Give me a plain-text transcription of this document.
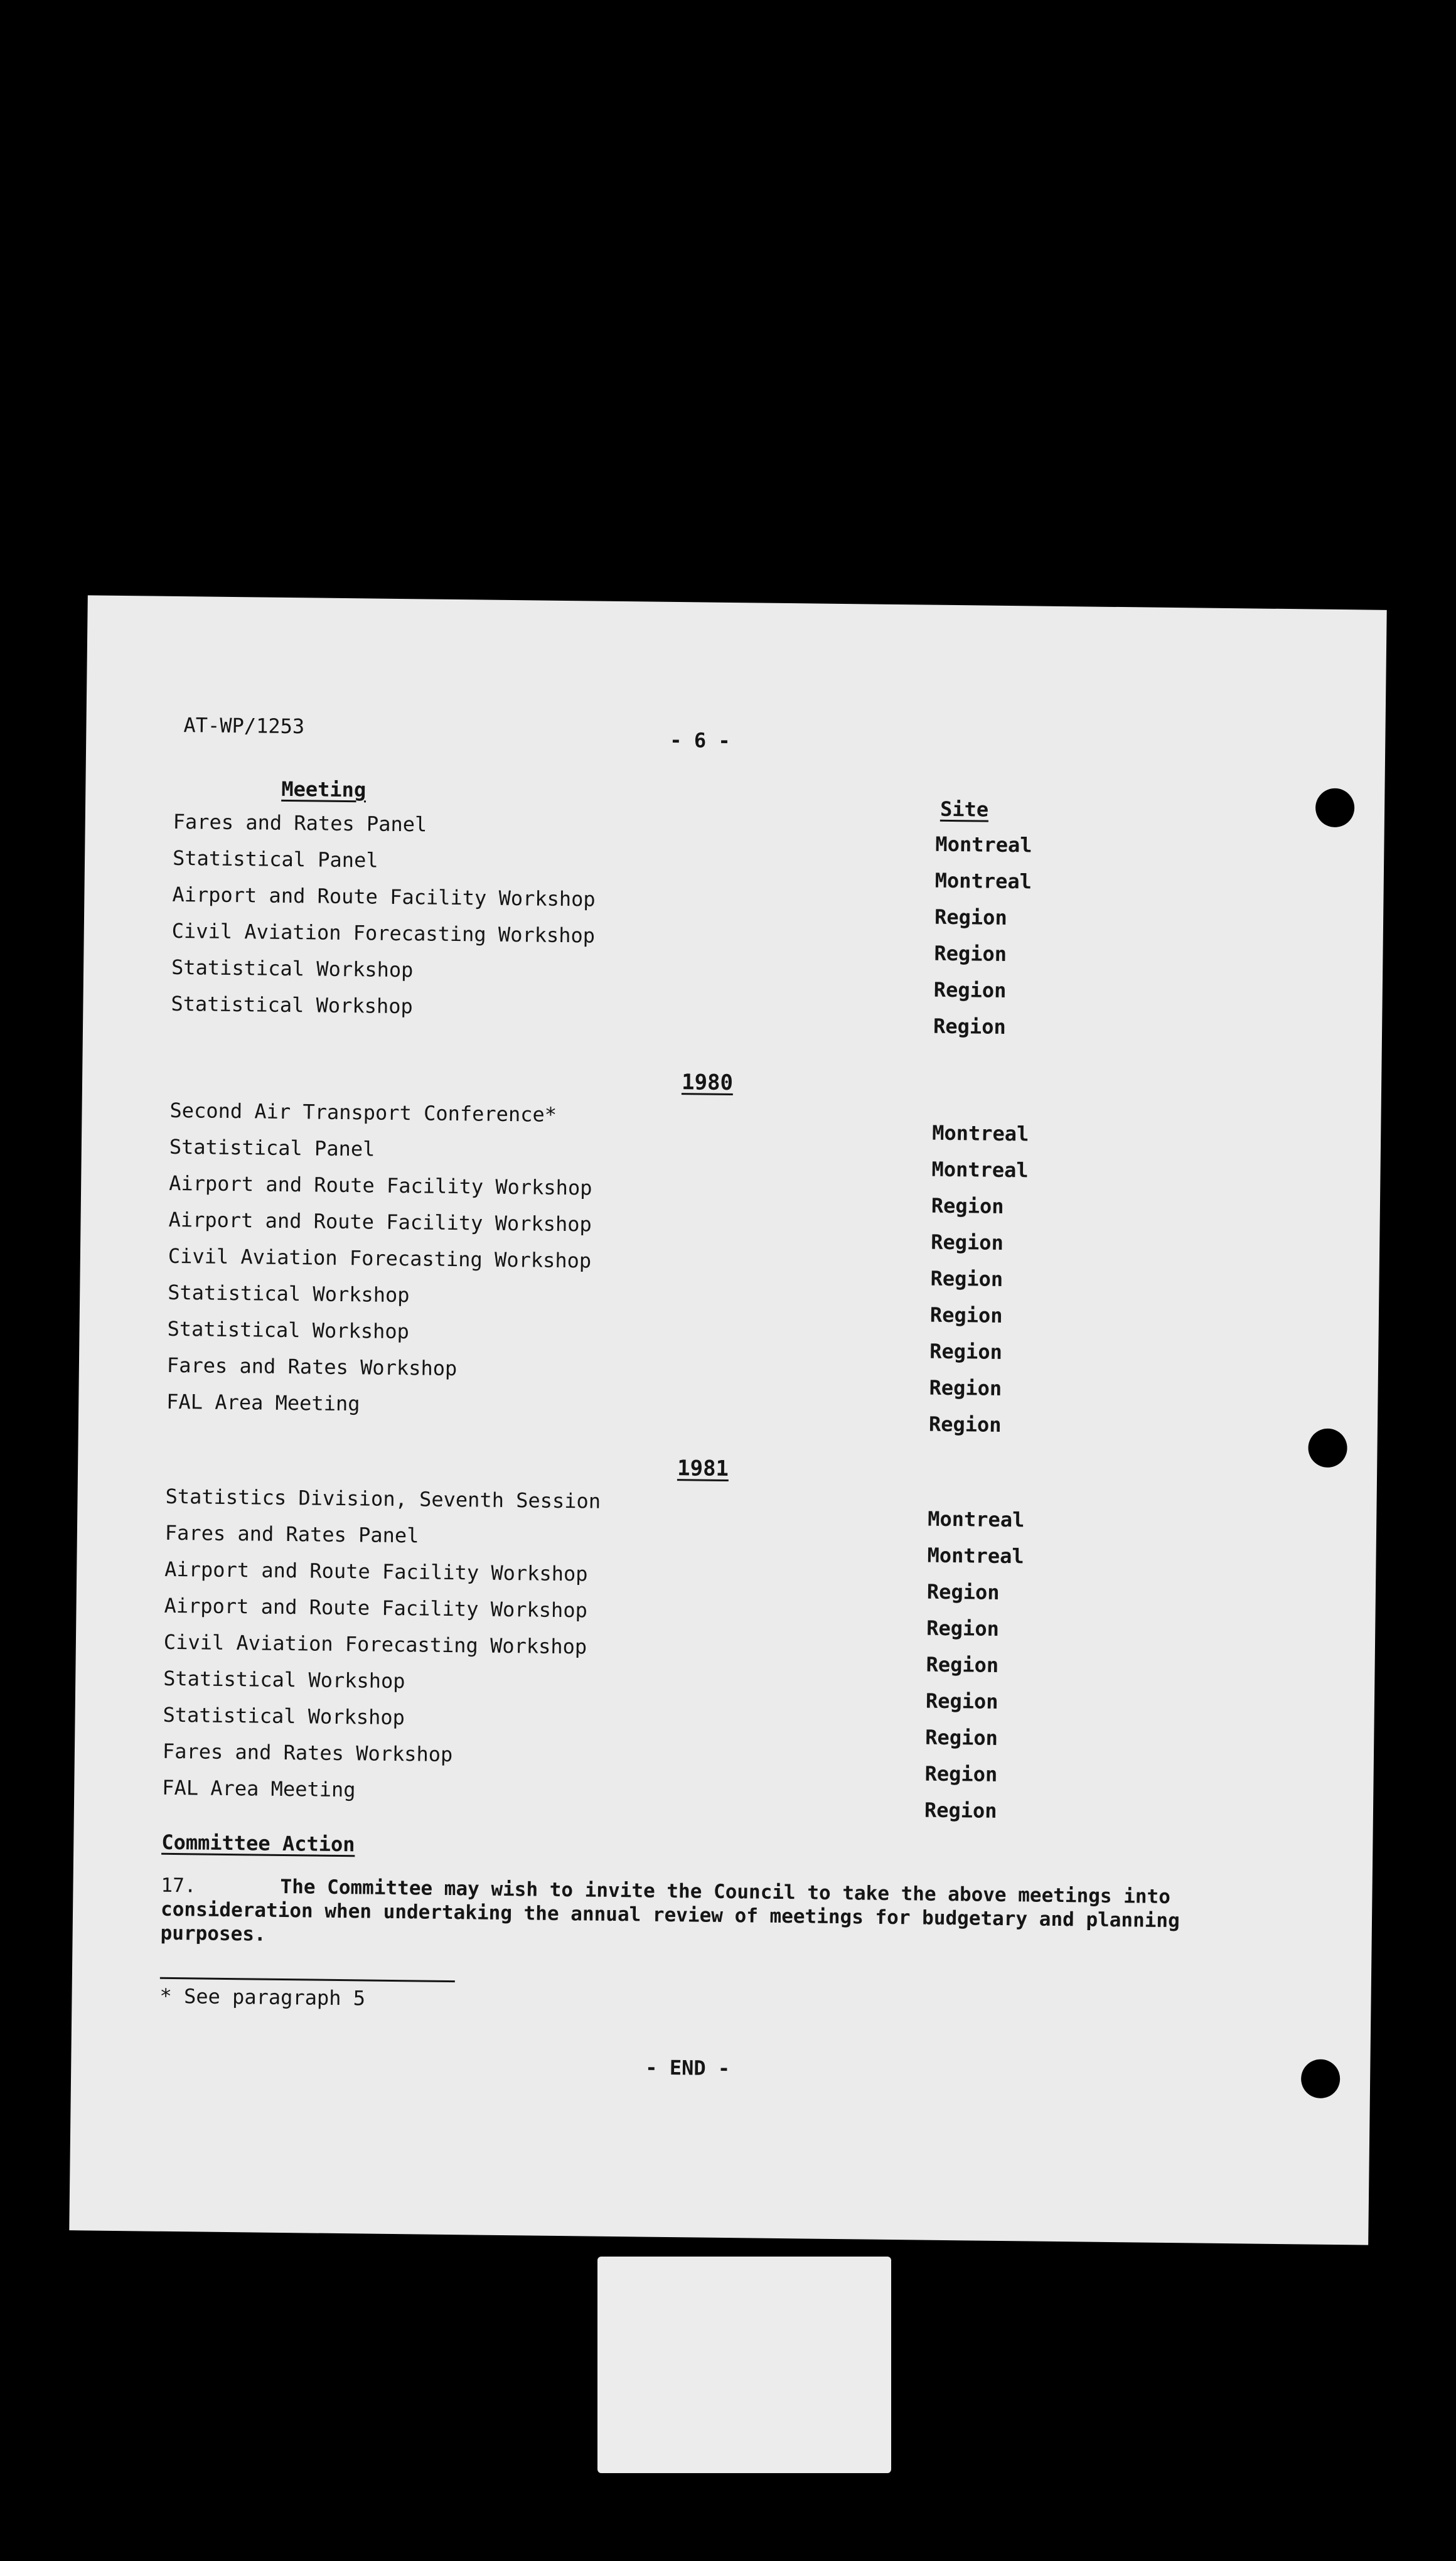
AT-WP/1253
- 6 -
Meeting
Site
Fares and Rates Panel
Montreal
Statistical Panel
Montreal
Airport and Route Facility Workshop
Region
Civil Aviation Forecasting Workshop
Region
Statistical Workshop
Region
Statistical Workshop
Region
1980
Second Air Transport Conference*
Montreal
Statistical Panel
Montreal
Airport and Route Facility Workshop
Region
Airport and Route Facility Workshop
Region
Civil Aviation Forecasting Workshop
Region
Statistical Workshop
Region
Statistical Workshop
Region
Fares and Rates Workshop
Region
FAL Area Meeting
Region
1981
Statistics Division, Seventh Session
Montreal
Fares and Rates Panel
Montreal
Airport and Route Facility Workshop
Region
Airport and Route Facility Workshop
Region
Civil Aviation Forecasting Workshop
Region
Statistical Workshop
Region
Statistical Workshop
Region
Fares and Rates Workshop
Region
FAL Area Meeting
Region
Committee Action
17.	The Committee may wish to invite the Council to take the above meetings into consideration when undertaking the annual review of meetings for budgetary and planning purposes.
* See paragraph 5
- END -
